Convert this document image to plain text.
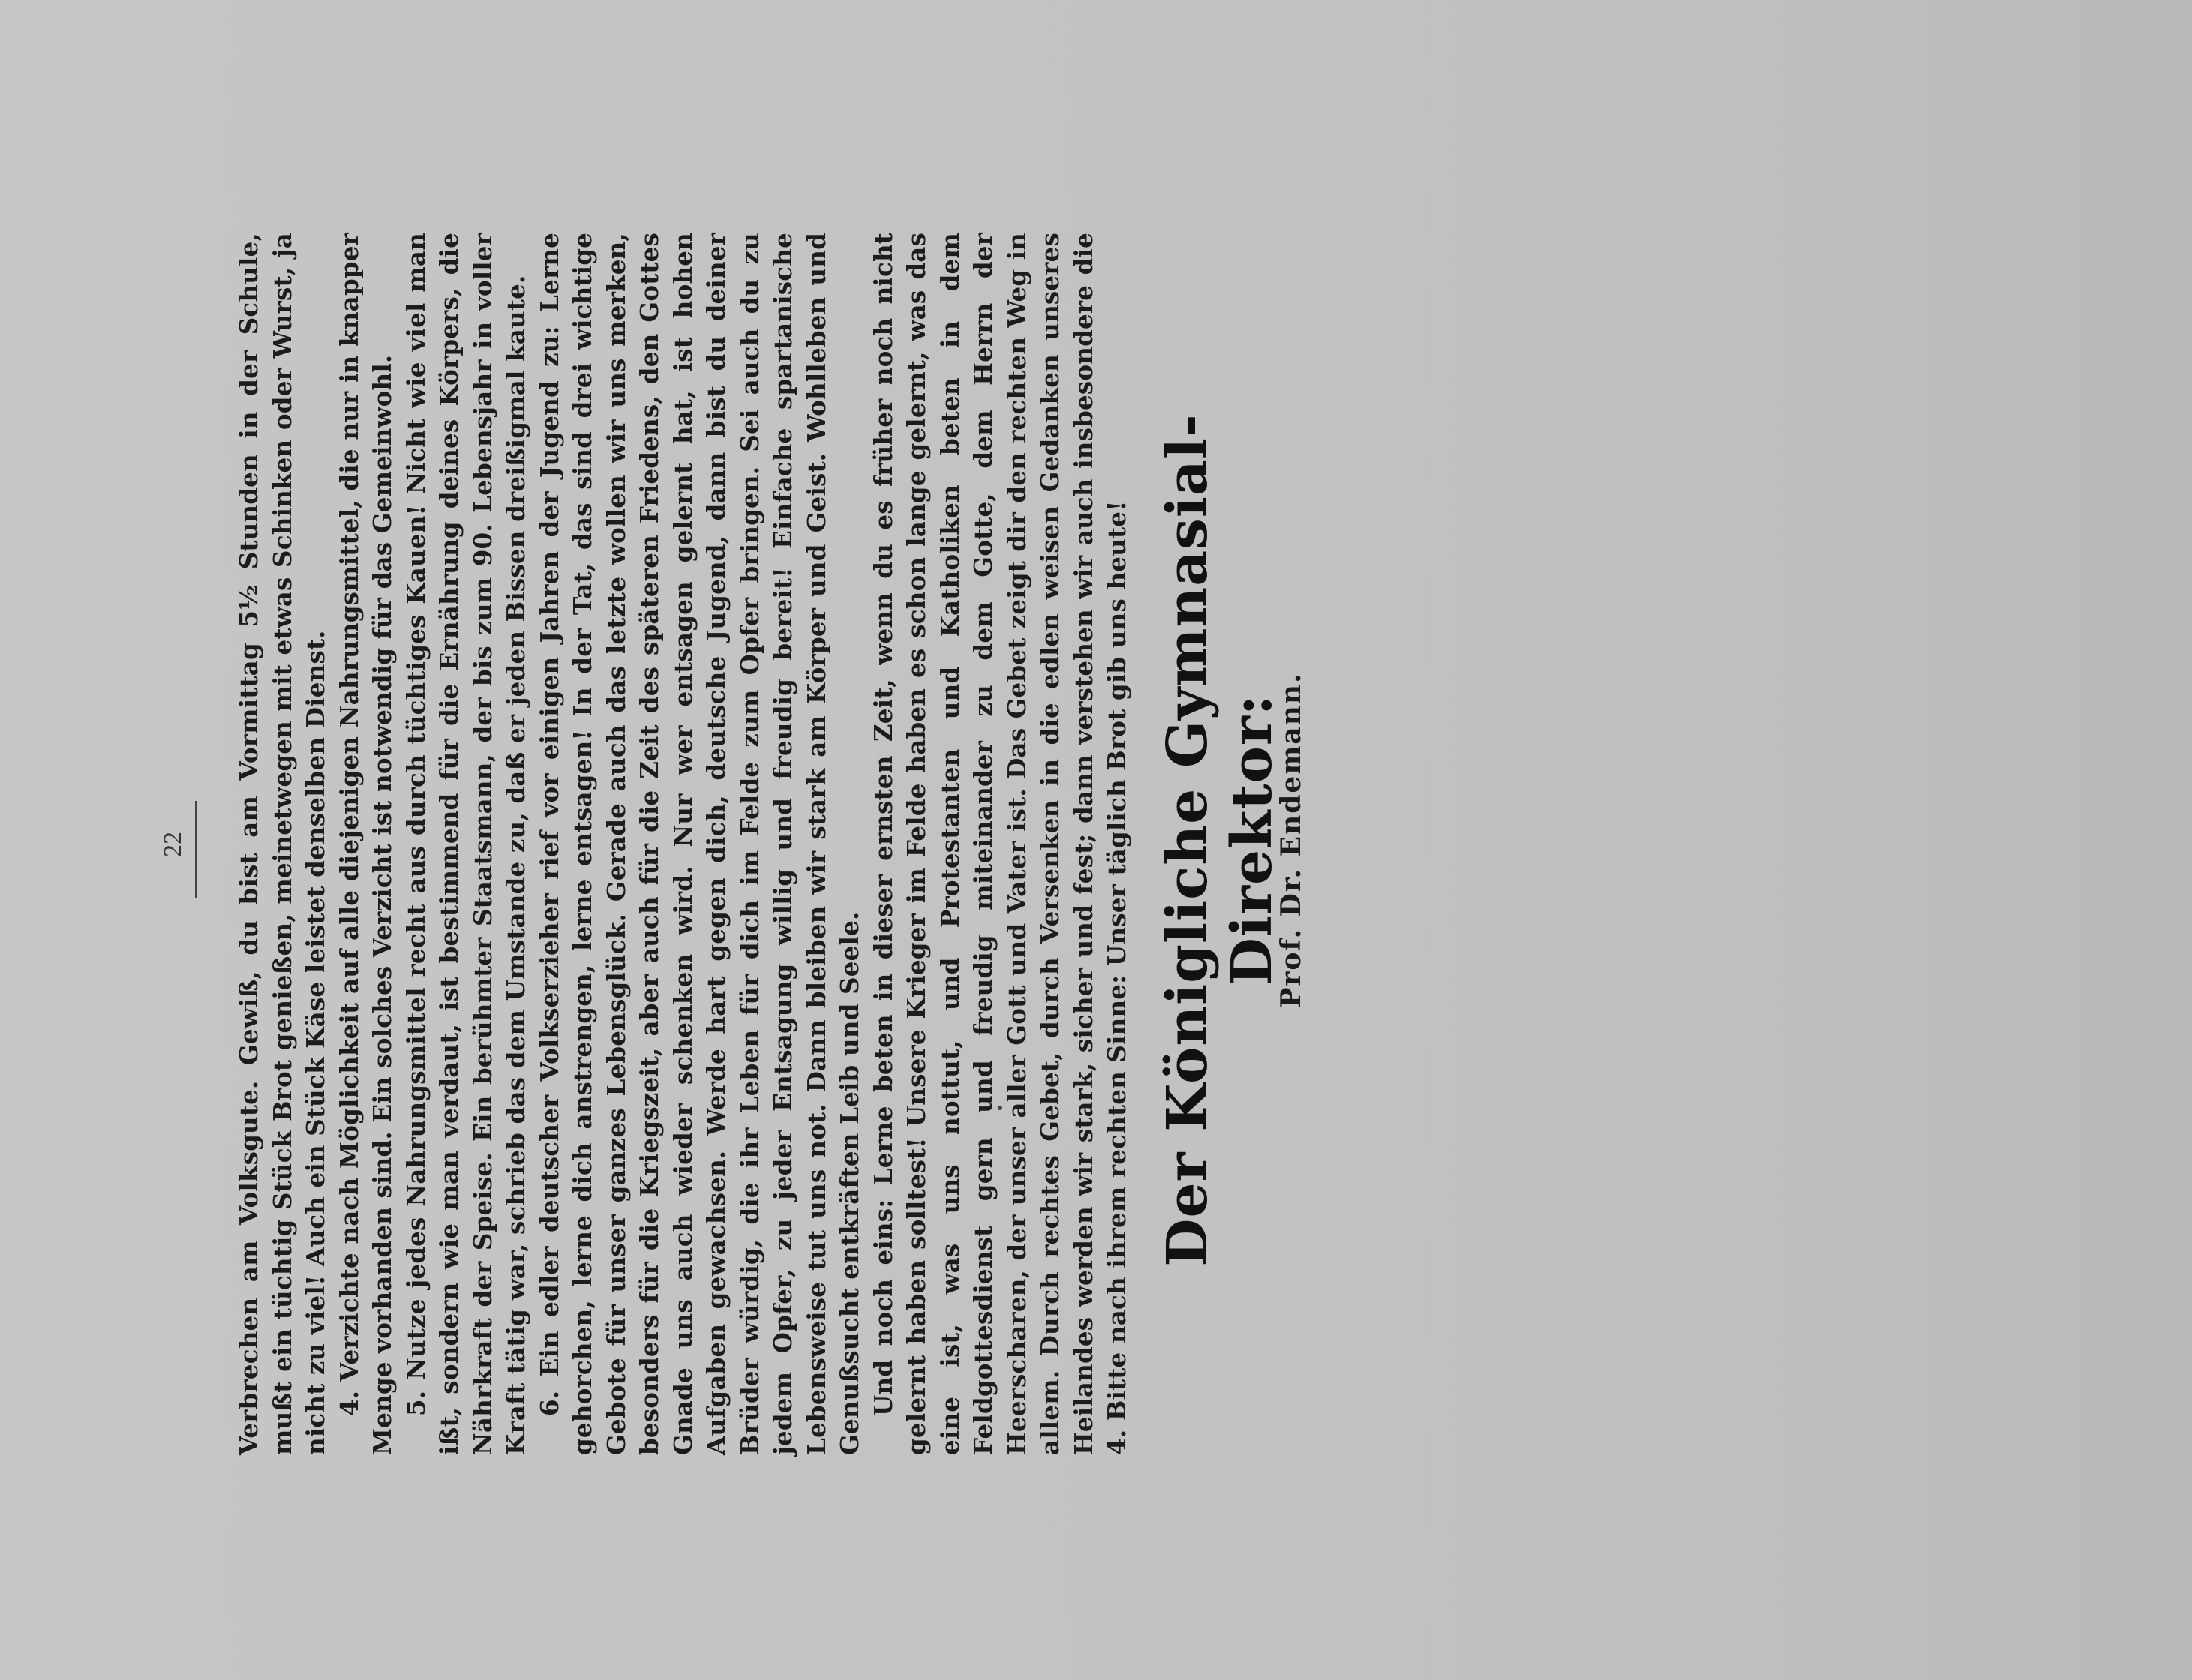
22 Verbrechen am Volksgute. Gewiß, du bist am Vormittag 5½ Stunden in der Schule, mußt ein tüchtig Stück Brot genießen, meinetwegen mit etwas Schinken oder Wurst, ja nicht zu viel! Auch ein Stück Käse leistet denselben Dienst. 4. Verzichte nach Möglichkeit auf alle diejenigen Nahrungsmittel, die nur in knapper Menge vorhanden sind. Ein solches Verzicht ist notwendig für das Gemeinwohl. 5. Nutze jedes Nahrungsmittel recht aus durch tüchtiges Kauen! Nicht wie viel man ißt, sondern wie man verdaut, ist bestimmend für die Ernährung deines Körpers, die Nährkraft der Speise. Ein berühmter Staatsmann, der bis zum 90. Lebensjahr in voller Kraft tätig war, schrieb das dem Umstande zu, daß er jeden Bissen dreißigmal kaute. 6. Ein edler deutscher Volkserzieher rief vor einigen Jahren der Jugend zu: Lerne gehorchen, lerne dich anstrengen, lerne entsagen! In der Tat, das sind drei wichtige Gebote für unser ganzes Lebensglück. Gerade auch das letzte wollen wir uns merken, besonders für die Kriegszeit, aber auch für die Zeit des späteren Friedens, den Gottes Gnade uns auch wieder schenken wird. Nur wer entsagen gelernt hat, ist hohen Aufgaben gewachsen. Werde hart gegen dich, deutsche Jugend, dann bist du deiner Brüder würdig, die ihr Leben für dich im Felde zum Opfer bringen. Sei auch du zu jedem Opfer, zu jeder Entsagung willig und freudig bereit! Einfache spartanische Lebensweise tut uns not. Dann bleiben wir stark am Körper und Geist. Wohlleben und Genußsucht entkräften Leib und Seele. Und noch eins: Lerne beten in dieser ernsten Zeit, wenn du es früher noch nicht gelernt haben solltest! Unsere Krieger im Felde haben es schon lange gelernt, was das eine ist, was uns nottut, und Protestanten und Katholiken beten in dem Feldgottesdienst gern und freudig miteinander zu dem Gotte, dem Herrn der Heerscharen, der unser aller Gott und Vater ist. Das Gebet zeigt dir den rechten Weg in allem. Durch rechtes Gebet, durch Versenken in die edlen weisen Gedanken unseres Heilandes werden wir stark, sicher und fest; dann verstehen wir auch insbesondere die 4. Bitte nach ihrem rechten Sinne: Unser täglich Brot gib uns heute! Der Königliche Gymnasial-Direktor:
Prof. Dr. Endemann.
